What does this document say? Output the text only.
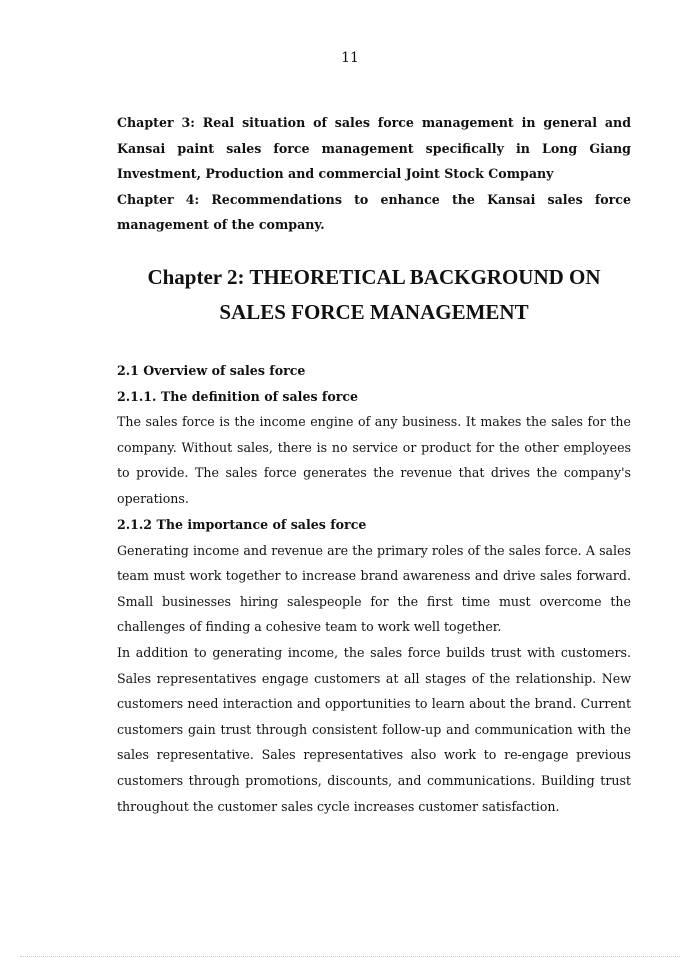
11

Chapter 3: Real situation of sales force management in general and Kansai paint sales force management specifically in Long Giang Investment, Production and commercial Joint Stock Company

Chapter 4: Recommendations to enhance the Kansai sales force management of the company.

Chapter 2: THEORETICAL BACKGROUND ON
SALES FORCE MANAGEMENT
2.1 Overview of sales force
2.1.1. The definition of sales force

The sales force is the income engine of any business. It makes the sales for the company. Without sales, there is no service or product for the other employees to provide. The sales force generates the revenue that drives the company's operations.

2.1.2 The importance of sales force

Generating income and revenue are the primary roles of the sales force. A sales team must work together to increase brand awareness and drive sales forward. Small businesses hiring salespeople for the first time must overcome the challenges of finding a cohesive team to work well together.

In addition to generating income, the sales force builds trust with customers. Sales representatives engage customers at all stages of the relationship. New customers need interaction and opportunities to learn about the brand. Current customers gain trust through consistent follow-up and communication with the sales representative. Sales representatives also work to re-engage previous customers through promotions, discounts, and communications. Building trust throughout the customer sales cycle increases customer satisfaction.
